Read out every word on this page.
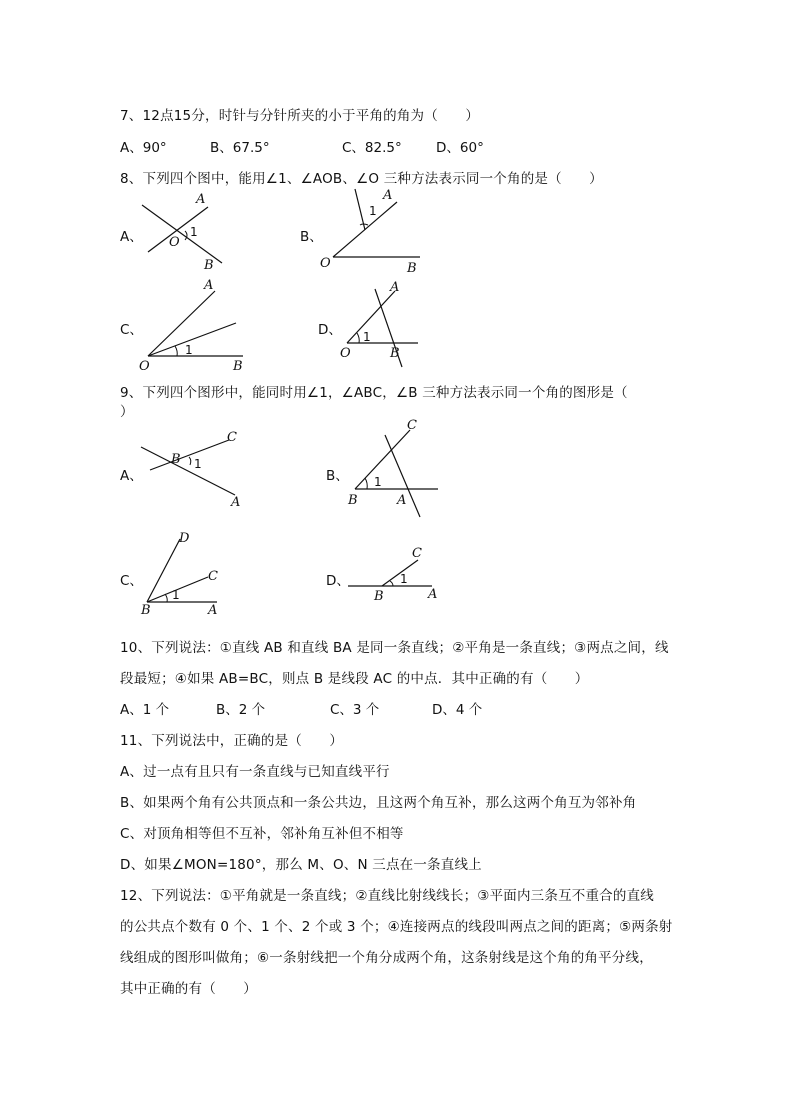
7、12点15分，时针与分针所夹的小于平角的角为（　　）
A、90°	B、67.5°	C、82.5°	D、60°
8、下列四个图中，能用∠1、∠AOB、∠O 三种方法表示同一个角的是（　　）
A、
A
O
1
B
B、
A
1
O	B
C、
A
1
O	B
D、
A
1
O	B
9、下列四个图形中，能同时用∠1，∠ABC，∠B 三种方法表示同一个角的图形是（
）
A、
C
B 1
A
B、
C
1
B	A
C、
D
C
1
B	A
D、
C
1
B	A
10、下列说法：①直线 AB 和直线 BA 是同一条直线；②平角是一条直线；③两点之间，线
段最短；④如果 AB=BC，则点 B 是线段 AC 的中点．其中正确的有（　　）
A、1 个	B、2 个	C、3 个	D、4 个
11、下列说法中，正确的是（　　）
A、过一点有且只有一条直线与已知直线平行
B、如果两个角有公共顶点和一条公共边，且这两个角互补，那么这两个角互为邻补角
C、对顶角相等但不互补，邻补角互补但不相等
D、如果∠MON=180°，那么 M、O、N 三点在一条直线上
12、下列说法：①平角就是一条直线；②直线比射线线长；③平面内三条互不重合的直线
的公共点个数有 0 个、1 个、2 个或 3 个；④连接两点的线段叫两点之间的距离；⑤两条射
线组成的图形叫做角；⑥一条射线把一个角分成两个角，这条射线是这个角的角平分线，
其中正确的有（　　）
